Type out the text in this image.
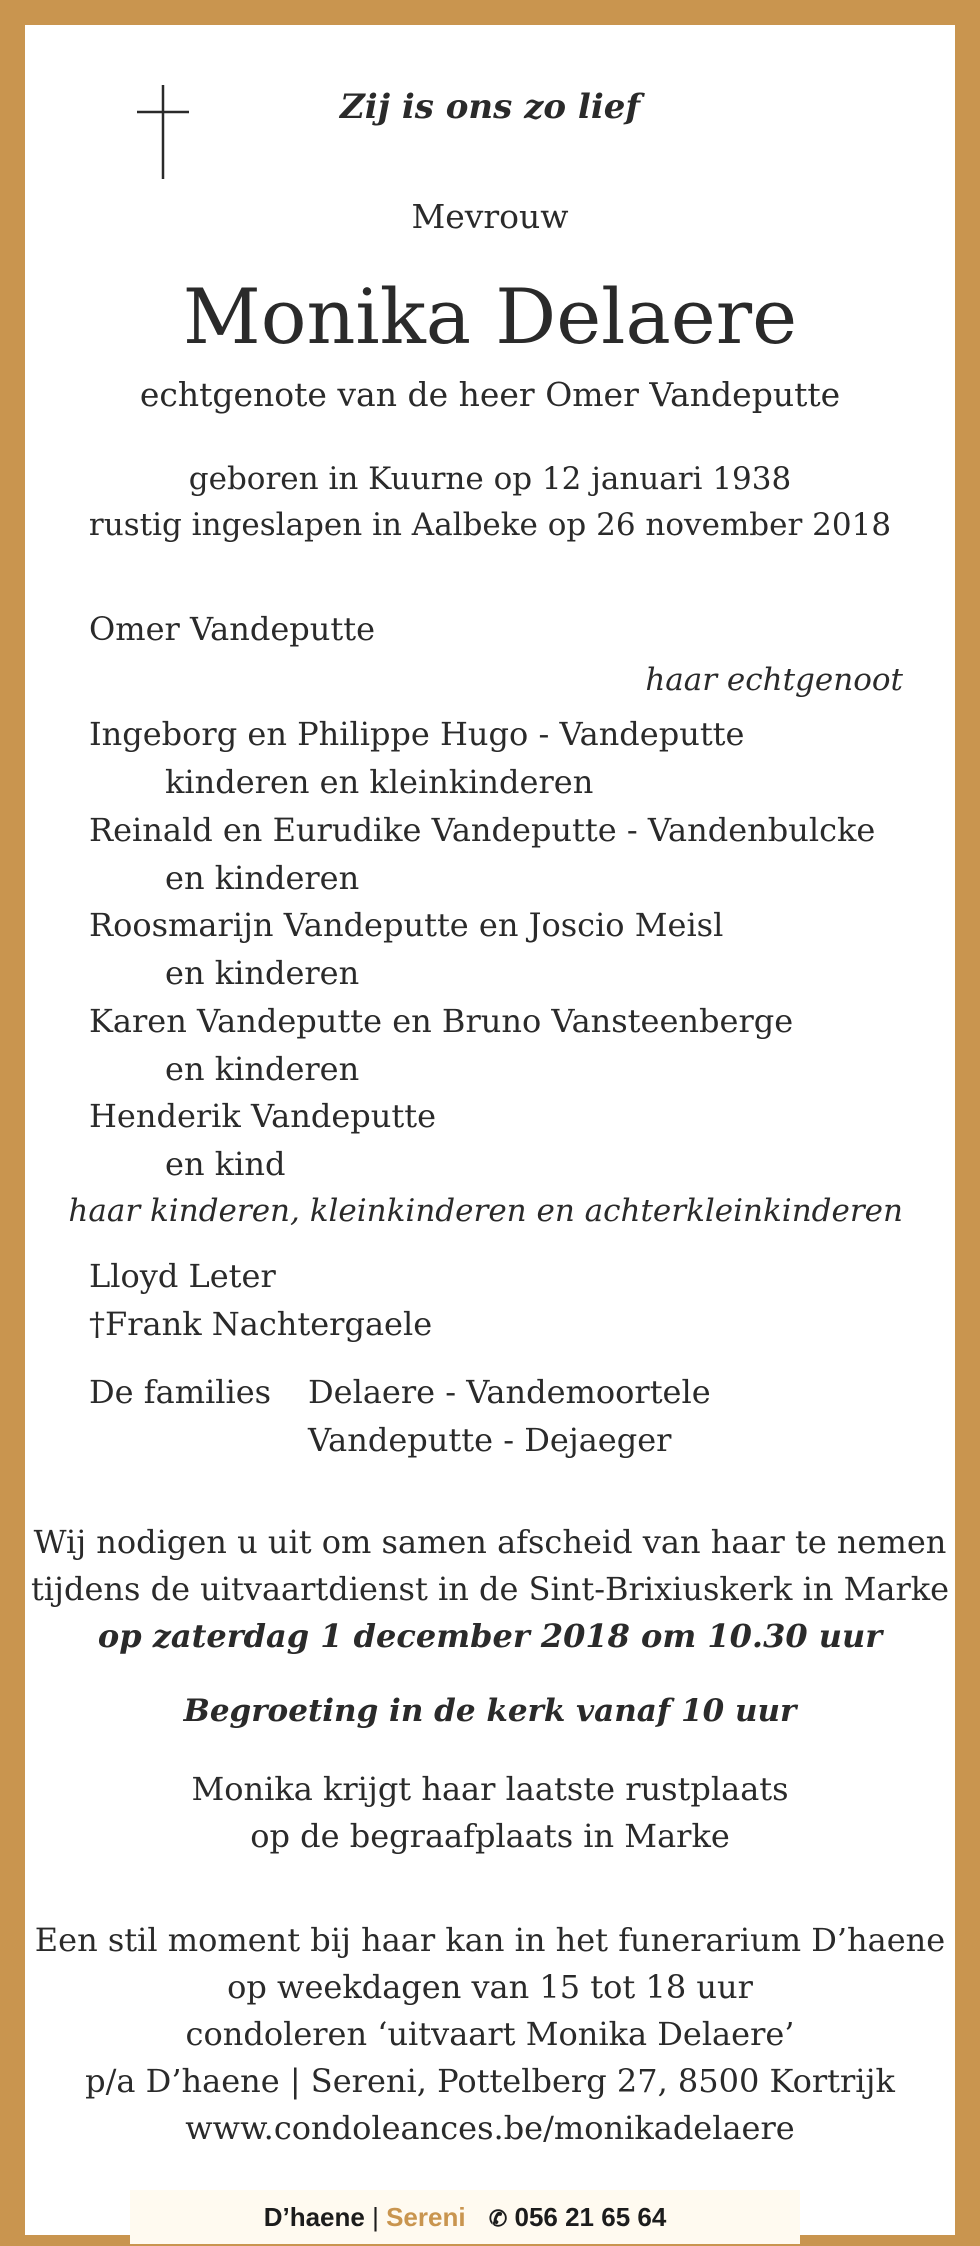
Zij is ons zo lief
Mevrouw
Monika Delaere
echtgenote van de heer Omer Vandeputte
geboren in Kuurne op 12 januari 1938
rustig ingeslapen in Aalbeke op 26 november 2018
Omer Vandeputte
haar echtgenoot
Ingeborg en Philippe Hugo - Vandeputte
kinderen en kleinkinderen
Reinald en Eurudike Vandeputte - Vandenbulcke
en kinderen
Roosmarijn Vandeputte en Joscio Meisl
en kinderen
Karen Vandeputte en Bruno Vansteenberge
en kinderen
Henderik Vandeputte
en kind
haar kinderen, kleinkinderen en achterkleinkinderen
Lloyd Leter
†Frank Nachtergaele
De families Delaere - Vandemoortele
Vandeputte - Dejaeger
Wij nodigen u uit om samen afscheid van haar te nemen
tijdens de uitvaartdienst in de Sint-Brixiuskerk in Marke
op zaterdag 1 december 2018 om 10.30 uur
Begroeting in de kerk vanaf 10 uur
Monika krijgt haar laatste rustplaats
op de begraafplaats in Marke
Een stil moment bij haar kan in het funerarium D’haene
op weekdagen van 15 tot 18 uur
condoleren ‘uitvaart Monika Delaere’
p/a D’haene | Sereni, Pottelberg 27, 8500 Kortrijk
www.condoleances.be/monikadelaere
D’haene | Sereni ✆ 056 21 65 64
